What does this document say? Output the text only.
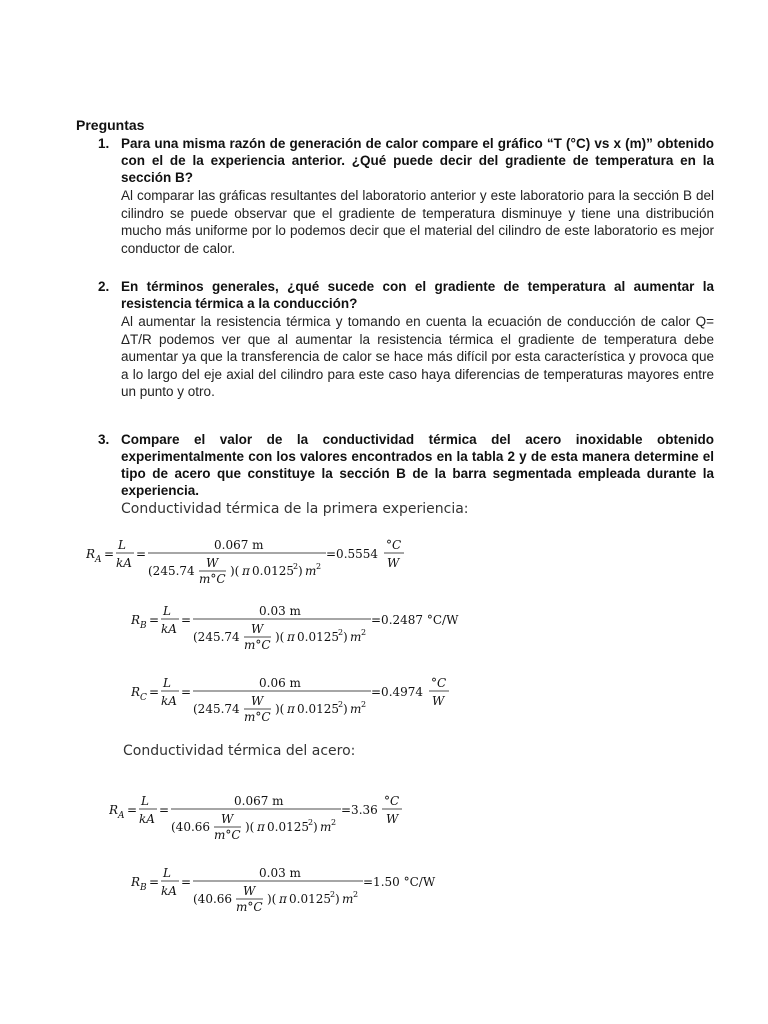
Preguntas
1. Para una misma razón de generación de calor compare el gráfico “T (°C) vs x (m)” obtenido con el de la experiencia anterior. ¿Qué puede decir del gradiente de temperatura en la sección B?
Al comparar las gráficas resultantes del laboratorio anterior y este laboratorio para la sección B del cilindro se puede observar que el gradiente de temperatura disminuye y tiene una distribución mucho más uniforme por lo podemos decir que el material del cilindro de este laboratorio es mejor conductor de calor.
2. En términos generales, ¿qué sucede con el gradiente de temperatura al aumentar la resistencia térmica a la conducción?
Al aumentar la resistencia térmica y tomando en cuenta la ecuación de conducción de calor Q= ΔT/R podemos ver que al aumentar la resistencia térmica el gradiente de temperatura debe aumentar ya que la transferencia de calor se hace más difícil por esta característica y provoca que a lo largo del eje axial del cilindro para este caso haya diferencias de temperaturas mayores entre un punto y otro.
3. Compare el valor de la conductividad térmica del acero inoxidable obtenido experimentalmente con los valores encontrados en la tabla 2 y de esta manera determine el tipo de acero que constituye la sección B de la barra segmentada empleada durante la experiencia.
Conductividad térmica de la primera experiencia:
R A =
L
kA
=
0.067 m
(245.74
W
m°C
)( π 0.0125 2 ) m 2
=0.5554
°C
W
R B =
L
kA
=
0.03 m
(245.74
W
m°C
)( π 0.0125 2 ) m 2
=0.2487 °C/W
R C =
L
kA
=
0.06 m
(245.74
W
m°C
)( π 0.0125 2 ) m 2
=0.4974
°C
W
Conductividad térmica del acero:
R A =
L
kA
=
0.067 m
(40.66
W
m°C
)( π 0.0125 2 ) m 2
=3.36
°C
W
R B =
L
kA
=
0.03 m
(40.66
W
m°C
)( π 0.0125 2 ) m 2
=1.50 °C/W
